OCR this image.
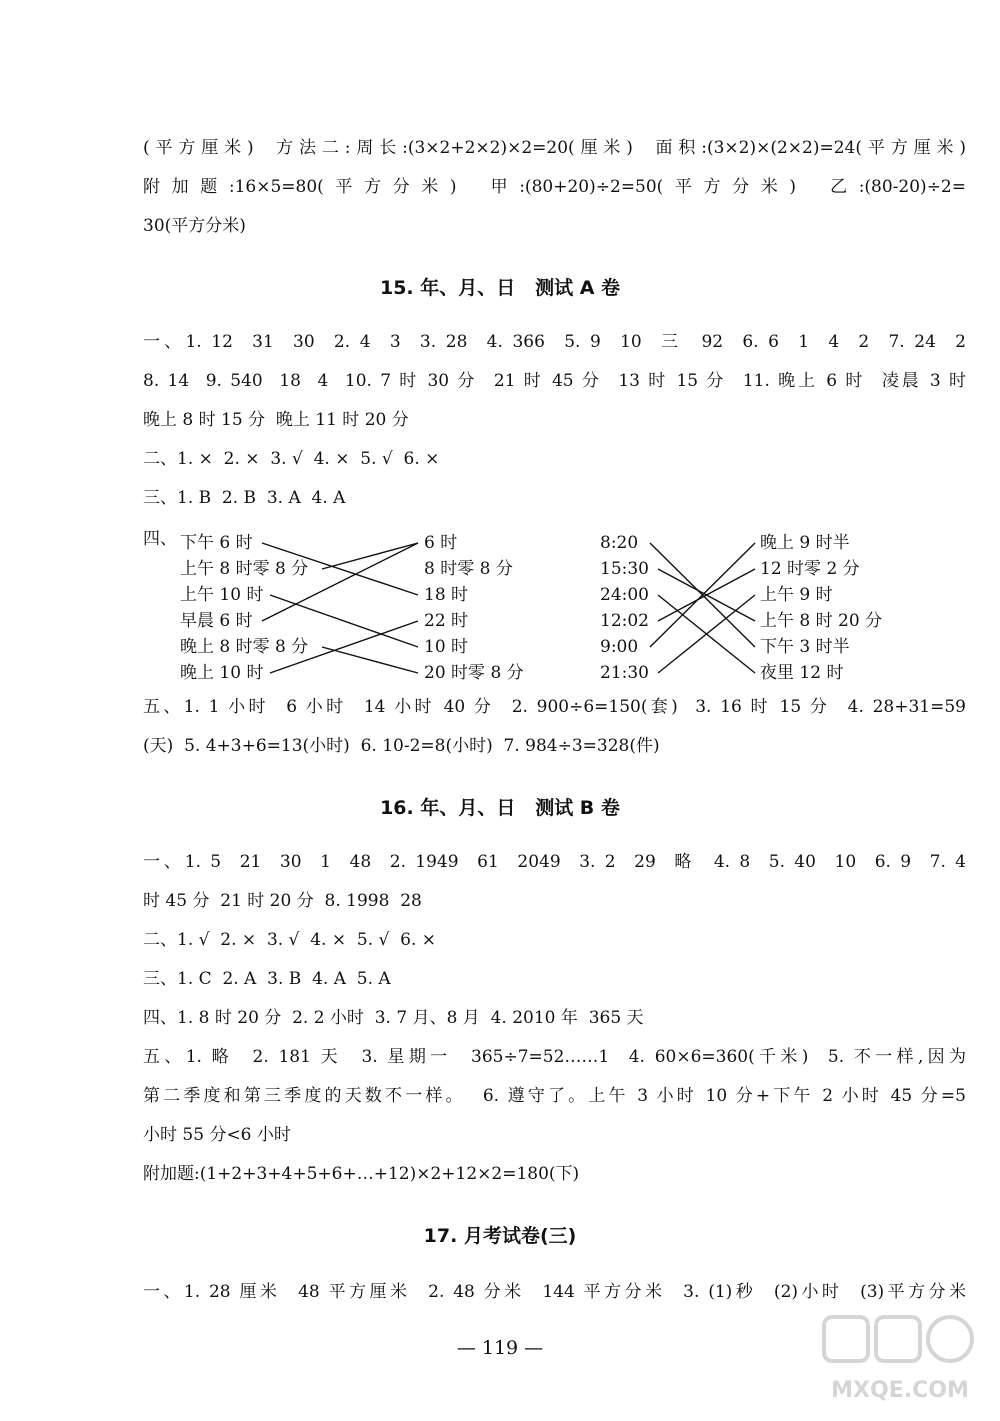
(平方厘米)  方法二:周长:(3×2+2×2)×2=20(厘米)  面积:(3×2)×(2×2)=24(平方厘米)
附加题:16×5=80(平方分米)  甲:(80+20)÷2=50(平方分米)  乙:(80-20)÷2=
30(平方分米)
15. 年、月、日   测试 A 卷
一、1. 12  31  30  2. 4  3  3. 28  4. 366  5. 9  10  三  92  6. 6  1  4  2  7. 24  2
8. 14  9. 540  18  4  10. 7 时 30 分  21 时 45 分  13 时 15 分  11. 晚上 6 时  凌晨 3 时
晚上 8 时 15 分  晚上 11 时 20 分
二、1. ×  2. ×  3. √  4. ×  5. √  6. ×
三、1. B  2. B  3. A  4. A
四、 下午 6 时
上午 8 时零 8 分
上午 10 时
早晨 6 时
晚上 8 时零 8 分
晚上 10 时
6 时
8 时零 8 分
18 时
22 时
10 时
20 时零 8 分
8:20
15:30
24:00
12:02
9:00
21:30
晚上 9 时半
12 时零 2 分
上午 9 时
上午 8 时 20 分
下午 3 时半
夜里 12 时
五、1. 1 小时  6 小时  14 小时 40 分  2. 900÷6=150(套)  3. 16 时 15 分  4. 28+31=59
(天)  5. 4+3+6=13(小时)  6. 10-2=8(小时)  7. 984÷3=328(件)
16. 年、月、日   测试 B 卷
一、1. 5  21  30  1  48  2. 1949  61  2049  3. 2  29  略  4. 8  5. 40  10  6. 9  7. 4
时 45 分  21 时 20 分  8. 1998  28
二、1. √  2. ×  3. √  4. ×  5. √  6. ×
三、1. C  2. A  3. B  4. A  5. A
四、1. 8 时 20 分  2. 2 小时  3. 7 月、8 月  4. 2010 年  365 天
五、1. 略  2. 181 天  3. 星期一  365÷7=52……1  4. 60×6=360(千米)  5. 不一样,因为
第二季度和第三季度的天数不一样。  6. 遵守了。上午 3 小时 10 分+下午 2 小时 45 分=5
小时 55 分<6 小时
附加题:(1+2+3+4+5+6+…+12)×2+12×2=180(下)
17. 月考试卷(三)
一、1. 28 厘米  48 平方厘米  2. 48 分米  144 平方分米  3. (1)秒  (2)小时  (3)平方分米
— 119 —
MXQE.COM
